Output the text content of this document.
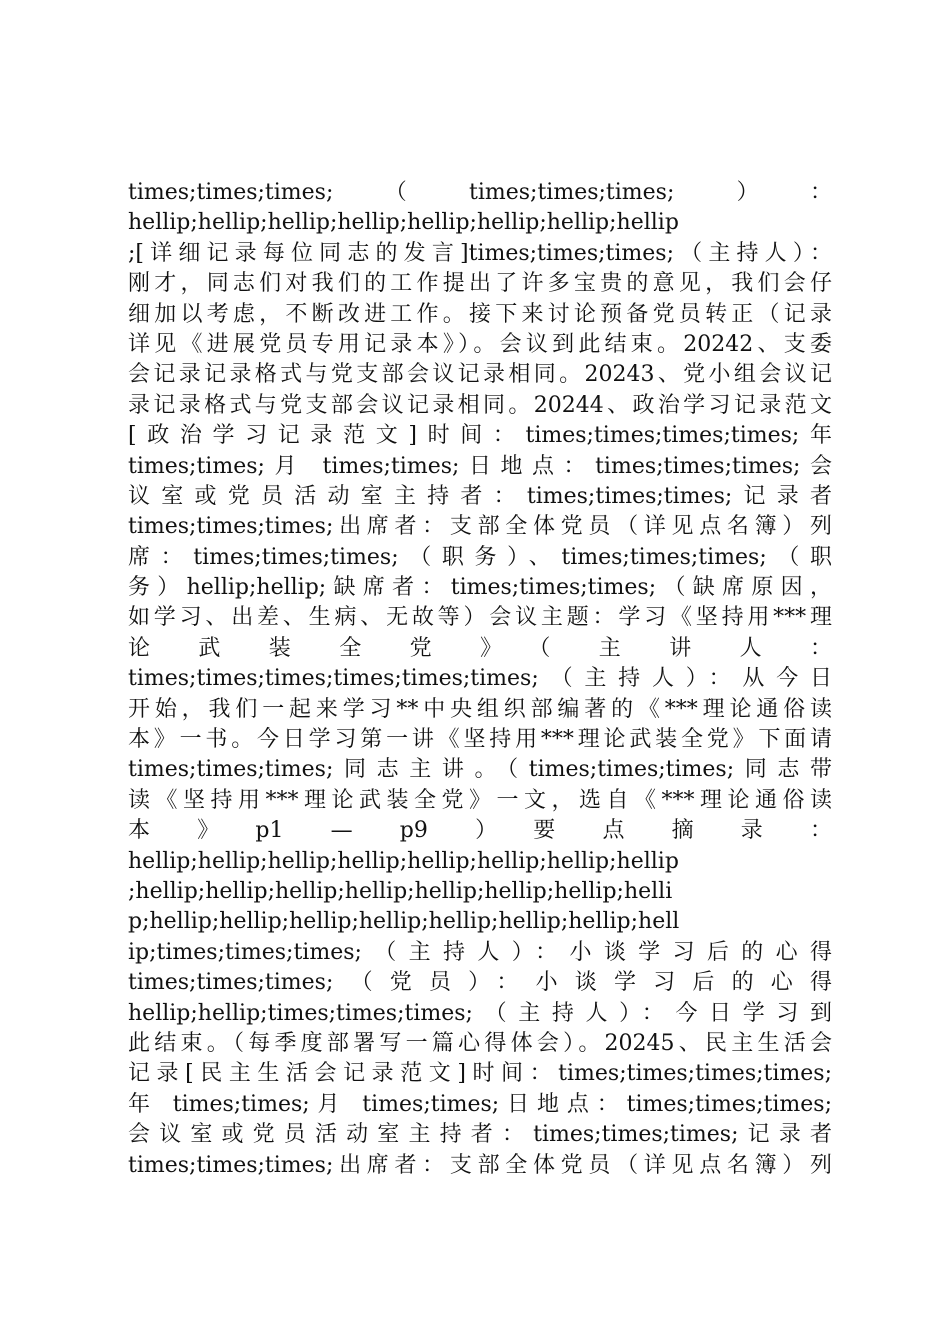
times;times;times;　（　times;times;times;　）　：
hellip;hellip;hellip;hellip;hellip;hellip;hellip;hellip
;[详细记录每位同志的发言]times;times;times;（主持人）：
刚才，同志们对我们的工作提出了许多宝贵的意见，我们会仔
细加以考虑，不断改进工作。接下来讨论预备党员转正（记录
详见《进展党员专用记录本》）。会议到此结束。20242、支委
会记录记录格式与党支部会议记录相同。20243、党小组会议记
录记录格式与党支部会议记录相同。20244、政治学习记录范文
[政治学习记录范文]时间：times;times;times;times;年
times;times;月 times;times;日地点：times;times;times;会
议室或党员活动室主持者：times;times;times;记录者
times;times;times;出席者：支部全体党员（详见点名簿）列
席：times;times;times;（职务）、times;times;times;（职
务）hellip;hellip;缺席者：times;times;times;（缺席原因，
如学习、出差、生病、无故等）会议主题：学习《坚持用***理
论　武　装　全　党　》　（　主　讲　人　：
times;times;times;times;times;times;（主持人）：从今日
开始，我们一起来学习**中央组织部编著的《***理论通俗读
本》一书。今日学习第一讲《坚持用***理论武装全党》下面请
times;times;times;同志主讲。（times;times;times;同志带
读《坚持用***理论武装全党》一文，选自《***理论通俗读
本　》　p1　—　p9　）　要　点　摘　录　：
hellip;hellip;hellip;hellip;hellip;hellip;hellip;hellip
;hellip;hellip;hellip;hellip;hellip;hellip;hellip;helli
p;hellip;hellip;hellip;hellip;hellip;hellip;hellip;hell
ip;times;times;times;（主持人）：小谈学习后的心得
times;times;times;（党员）：小谈学习后的心得
hellip;hellip;times;times;times;（主持人）：今日学习到
此结束。（每季度部署写一篇心得体会）。20245、民主生活会
记录[民主生活会记录范文]时间：times;times;times;times;
年 times;times;月 times;times;日地点：times;times;times;
会议室或党员活动室主持者：times;times;times;记录者
times;times;times;出席者：支部全体党员（详见点名簿）列
